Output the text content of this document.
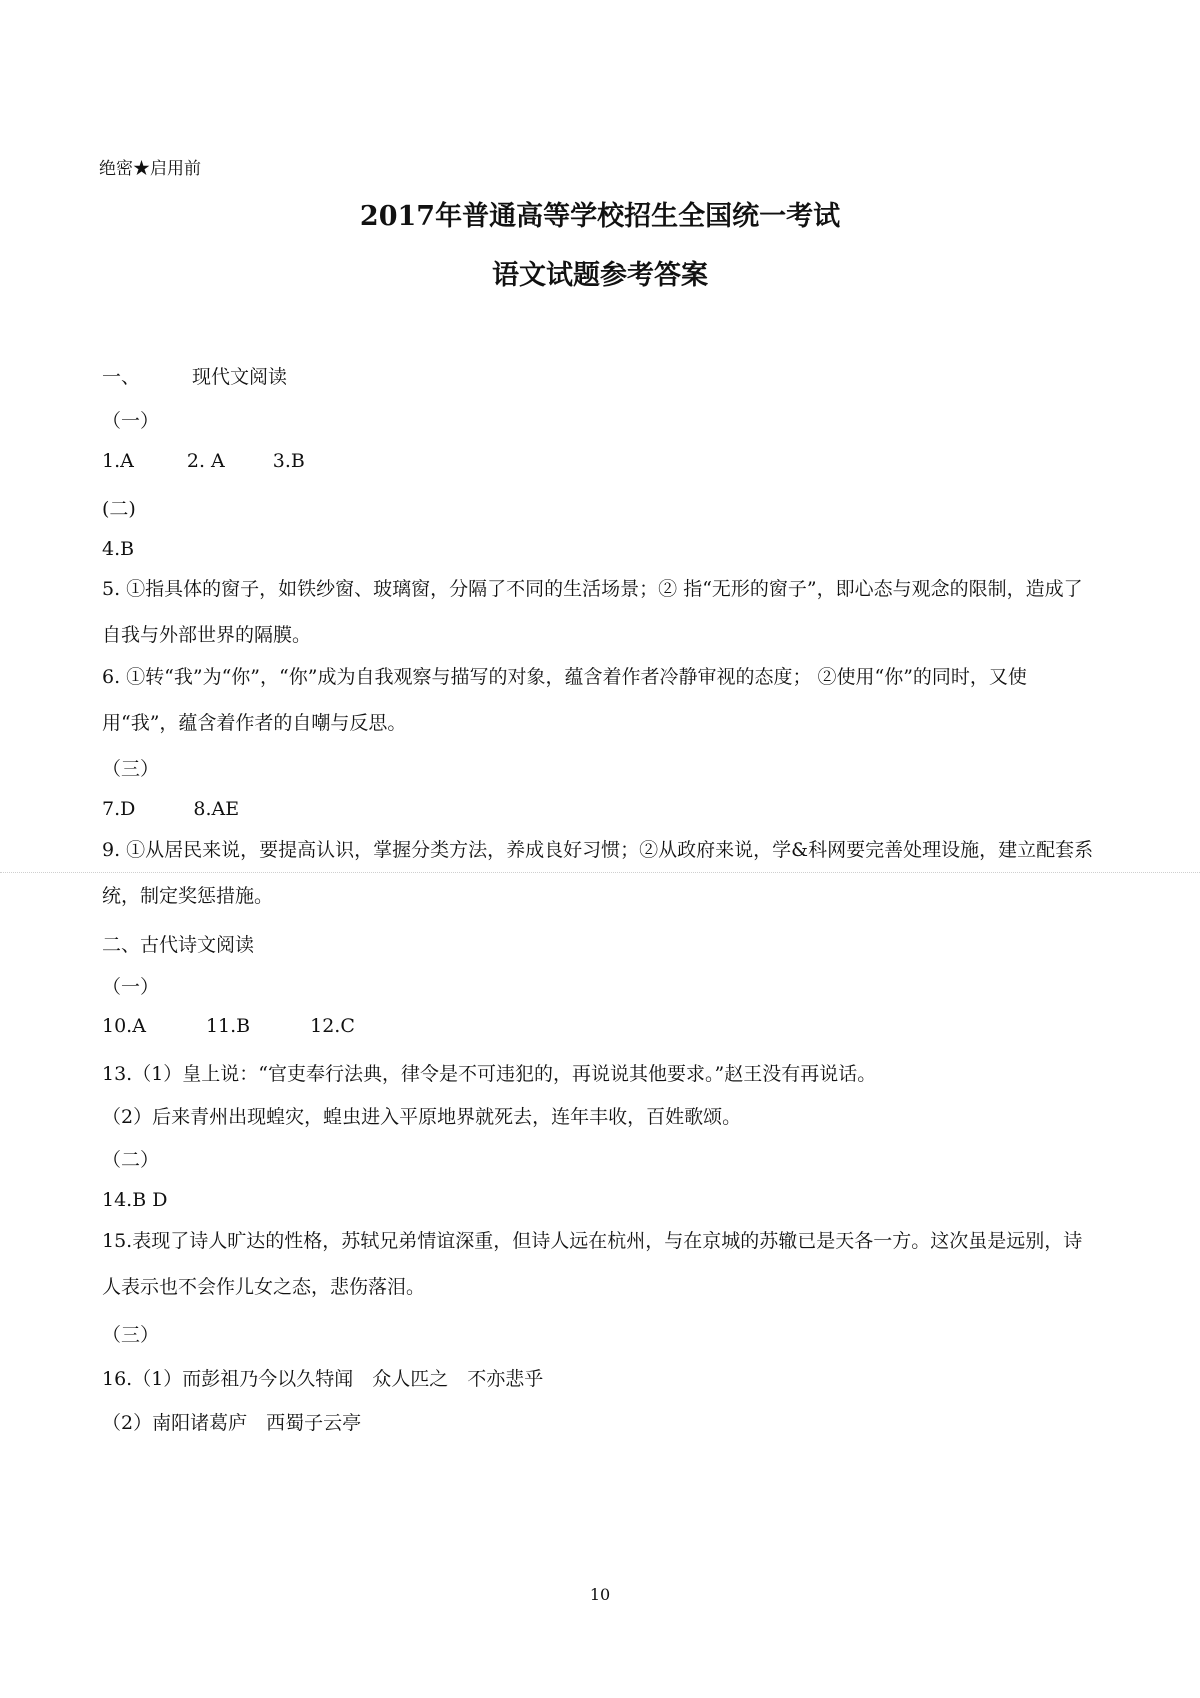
绝密★启用前
2017年普通高等学校招生全国统一考试
语文试题参考答案
一、	现代文阅读
（一）
1.A	2. A	3.B
(二)
4.B
5. ①指具体的窗子，如铁纱窗、玻璃窗，分隔了不同的生活场景；② 指“无形的窗子”，即心态与观念的限制，造成了自我与外部世界的隔膜。
6. ①转“我”为“你”，“你”成为自我观察与描写的对象，蕴含着作者冷静审视的态度； ②使用“你”的同时，又使用“我”，蕴含着作者的自嘲与反思。
（三）
7.D	8.AE
9. ①从居民来说，要提高认识，掌握分类方法，养成良好习惯；②从政府来说，学&科网要完善处理设施，建立配套系统，制定奖惩措施。
二、古代诗文阅读
（一）
10.A	11.B	12.C
13.（1）皇上说：“官吏奉行法典，律令是不可违犯的，再说说其他要求。”赵王没有再说话。
（2）后来青州出现蝗灾，蝗虫进入平原地界就死去，连年丰收，百姓歌颂。
（二）
14.B D
15.表现了诗人旷达的性格，苏轼兄弟情谊深重，但诗人远在杭州，与在京城的苏辙已是天各一方。这次虽是远别，诗人表示也不会作儿女之态，悲伤落泪。
（三）
16.（1）而彭祖乃今以久特闻　众人匹之　不亦悲乎
（2）南阳诸葛庐　西蜀子云亭
10
